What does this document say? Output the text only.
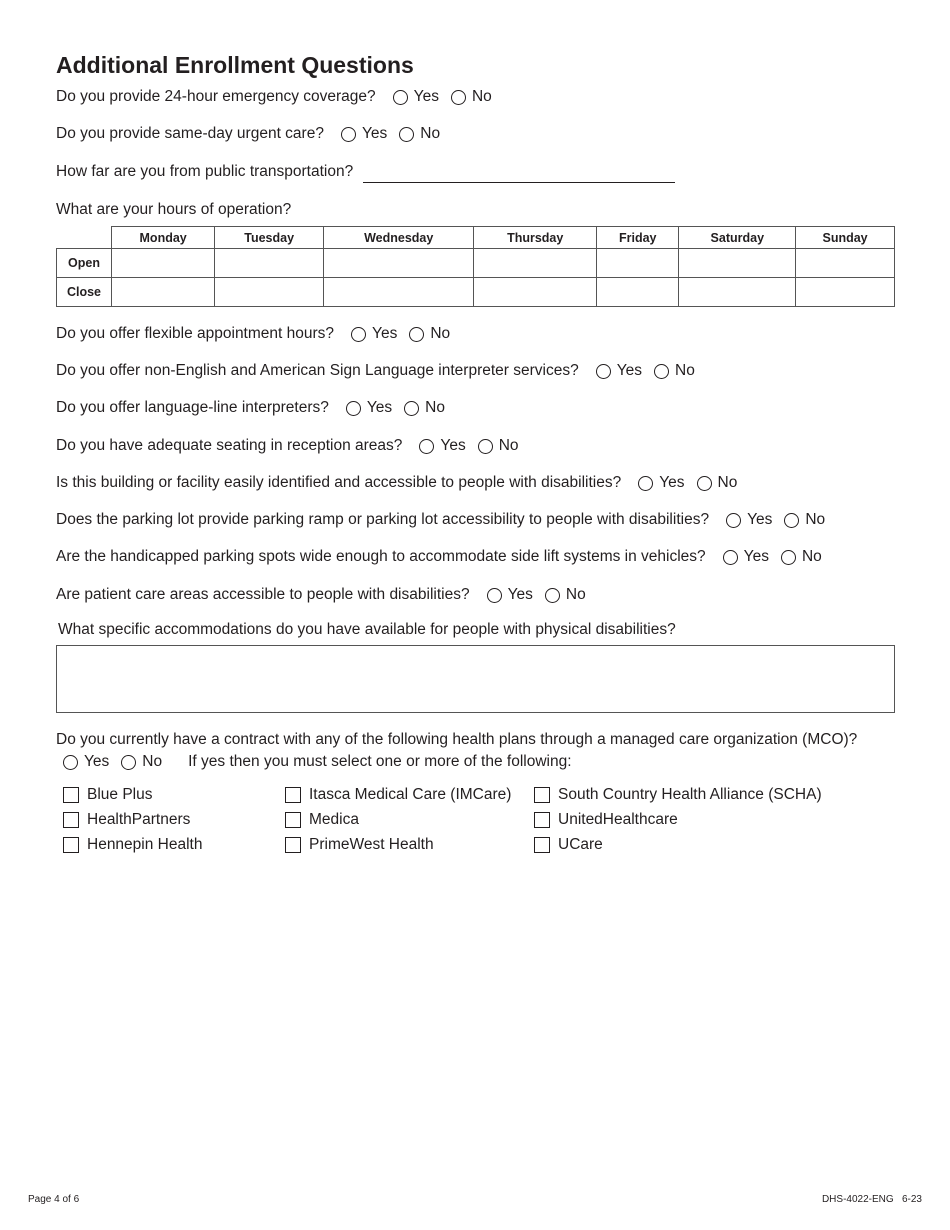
Additional Enrollment Questions
Do you provide 24-hour emergency coverage? Yes No
Do you provide same-day urgent care? Yes No
How far are you from public transportation?
What are your hours of operation?
	Monday	Tuesday	Wednesday	Thursday	Friday	Saturday	Sunday
Open							
Close							
Do you offer flexible appointment hours? Yes No
Do you offer non-English and American Sign Language interpreter services? Yes No
Do you offer language-line interpreters? Yes No
Do you have adequate seating in reception areas? Yes No
Is this building or facility easily identified and accessible to people with disabilities? Yes No
Does the parking lot provide parking ramp or parking lot accessibility to people with disabilities? Yes No
Are the handicapped parking spots wide enough to accommodate side lift systems in vehicles? Yes No
Are patient care areas accessible to people with disabilities? Yes No
What specific accommodations do you have available for people with physical disabilities?
Do you currently have a contract with any of the following health plans through a managed care organization (MCO)?
Yes No If yes then you must select one or more of the following:
Blue Plus
HealthPartners
Hennepin Health
Itasca Medical Care (IMCare)
Medica
PrimeWest Health
South Country Health Alliance (SCHA)
UnitedHealthcare
UCare
Page 4 of 6	DHS-4022-ENG   6-23
